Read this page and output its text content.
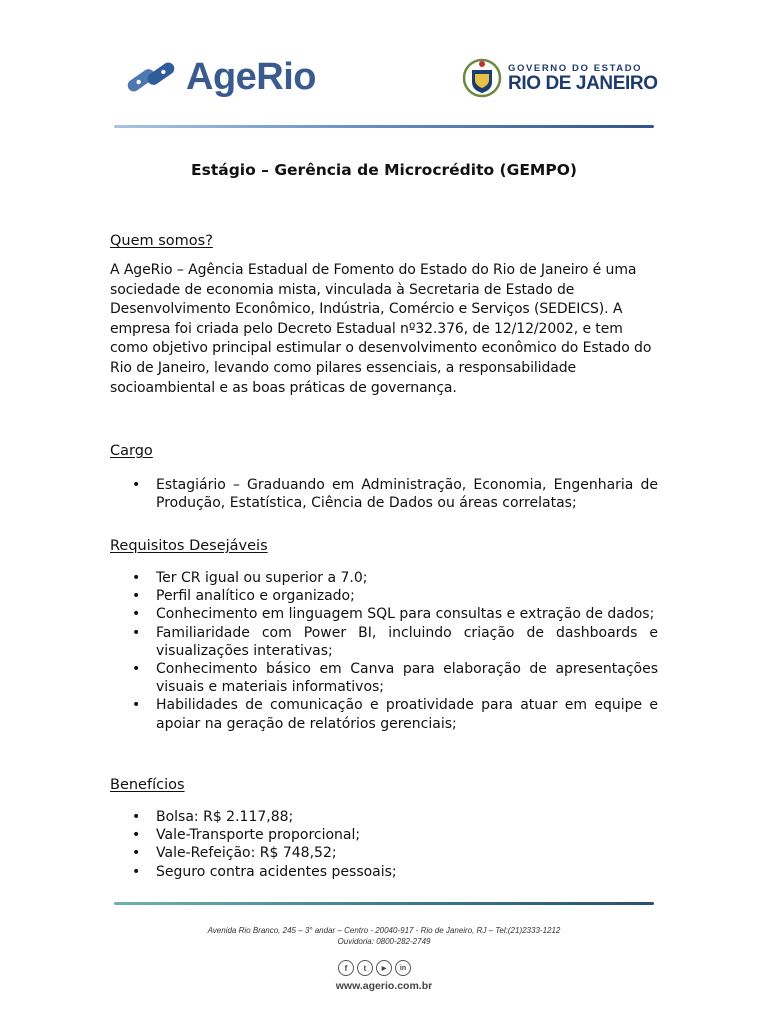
AgeRio	GOVERNO DO ESTADO
RIO DE JANEIRO
Estágio – Gerência de Microcrédito (GEMPO)
Quem somos?
A AgeRio – Agência Estadual de Fomento do Estado do Rio de Janeiro é uma
sociedade de economia mista, vinculada à Secretaria de Estado de
Desenvolvimento Econômico, Indústria, Comércio e Serviços (SEDEICS). A
empresa foi criada pelo Decreto Estadual nº32.376, de 12/12/2002, e tem
como objetivo principal estimular o desenvolvimento econômico do Estado do
Rio de Janeiro, levando como pilares essenciais, a responsabilidade
socioambiental e as boas práticas de governança.
Cargo
• Estagiário – Graduando em Administração, Economia, Engenharia de Produção, Estatística, Ciência de Dados ou áreas correlatas;
Requisitos Desejáveis
• Ter CR igual ou superior a 7.0;
• Perfil analítico e organizado;
• Conhecimento em linguagem SQL para consultas e extração de dados;
• Familiaridade com Power BI, incluindo criação de dashboards e visualizações interativas;
• Conhecimento básico em Canva para elaboração de apresentações visuais e materiais informativos;
• Habilidades de comunicação e proatividade para atuar em equipe e apoiar na geração de relatórios gerenciais;
Benefícios
• Bolsa: R$ 2.117,88;
• Vale-Transporte proporcional;
• Vale-Refeição: R$ 748,52;
• Seguro contra acidentes pessoais;
Avenida Rio Branco, 245 – 3° andar – Centro - 20040-917 - Rio de Janeiro, RJ – Tel:(21)2333-1212
Ouvidoria: 0800-282-2749
f	t	▶	in
www.agerio.com.br
